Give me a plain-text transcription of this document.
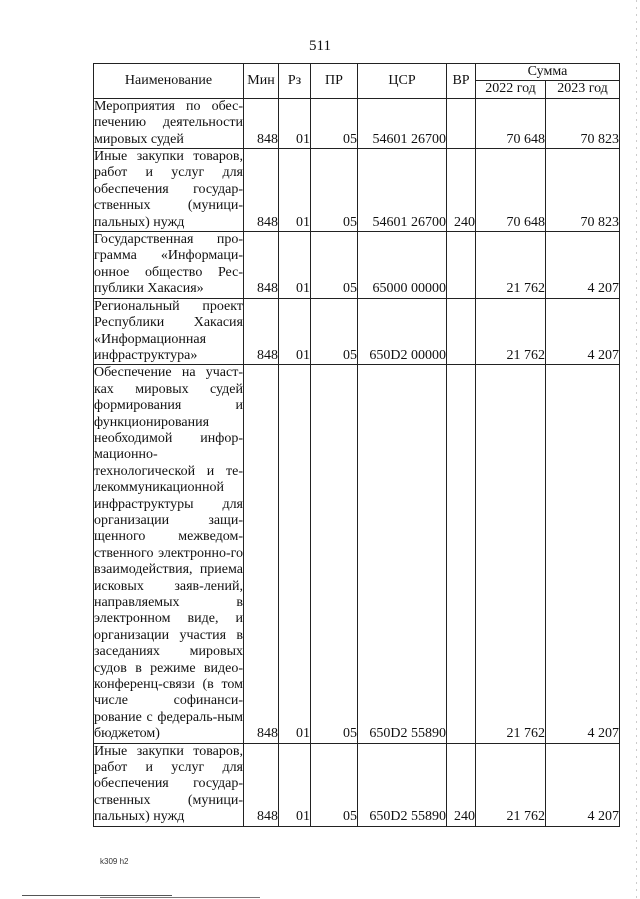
511
Наименование	Мин	Рз	ПР	ЦСР	ВР	Сумма	
						2022 год	2023 год
Мероприятия по обес-печению деятельности мировых судей	848	01	05	54601 26700		70 648	70 823
Иные закупки товаров, работ и услуг для обеспечения государ-ственных (муници-пальных) нужд	848	01	05	54601 26700	240	70 648	70 823
Государственная про-грамма «Информаци-онное общество Рес-публики Хакасия»	848	01	05	65000 00000		21 762	4 207
Региональный проект Республики Хакасия «Информационная инфраструктура»	848	01	05	650D2 00000		21 762	4 207
Обеспечение на участ-ках мировых судей формирования и функционирования необходимой инфор-мационно-технологической и те-лекоммуникационной инфраструктуры для организации защи-щенного межведом-ственного электронно-го взаимодействия, приема исковых заяв-лений, направляемых в электронном виде, и организации участия в заседаниях мировых судов в режиме видео-конференц-связи (в том числе софинанси-рование с федераль-ным бюджетом)	848	01	05	650D2 55890		21 762	4 207
Иные закупки товаров, работ и услуг для обеспечения государ-ственных (муници-пальных) нужд	848	01	05	650D2 55890	240	21 762	4 207
k309 h2
